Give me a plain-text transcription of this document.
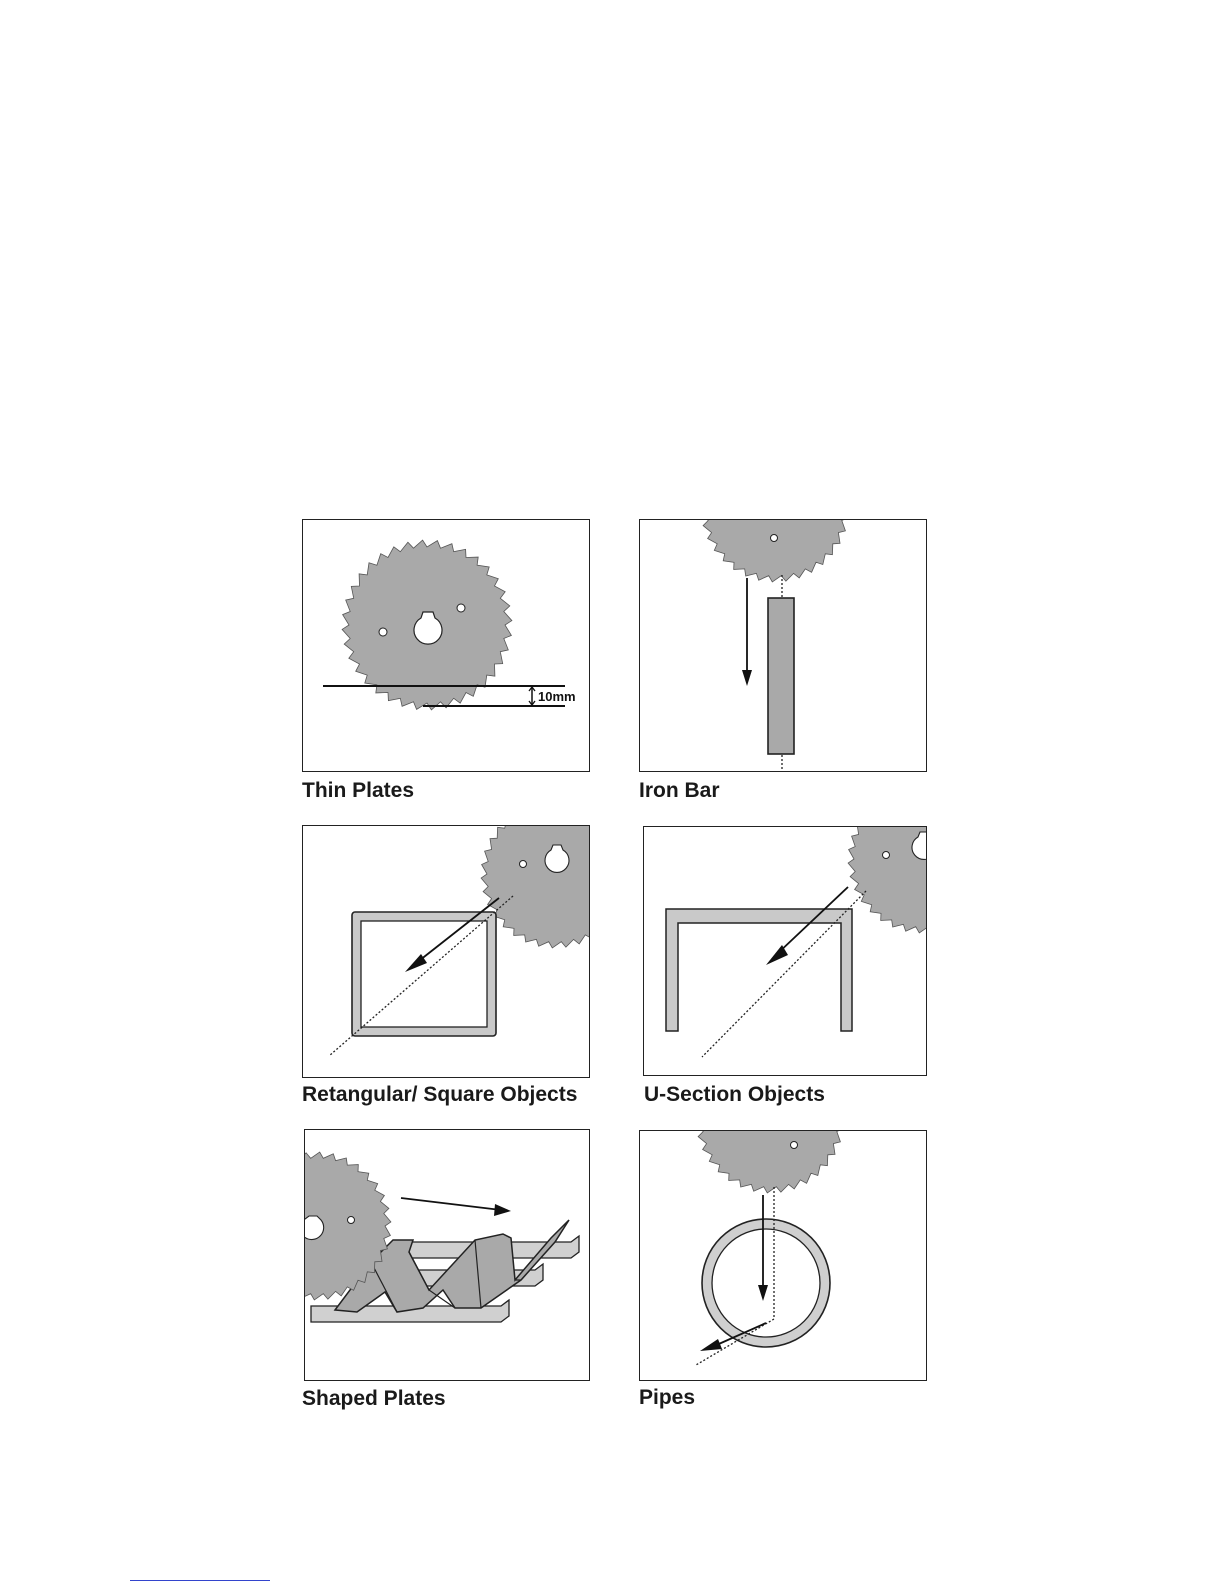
10mm
Thin Plates	Iron Bar
Retangular/ Square Objects	U-Section Objects
Shaped Plates	Pipes
